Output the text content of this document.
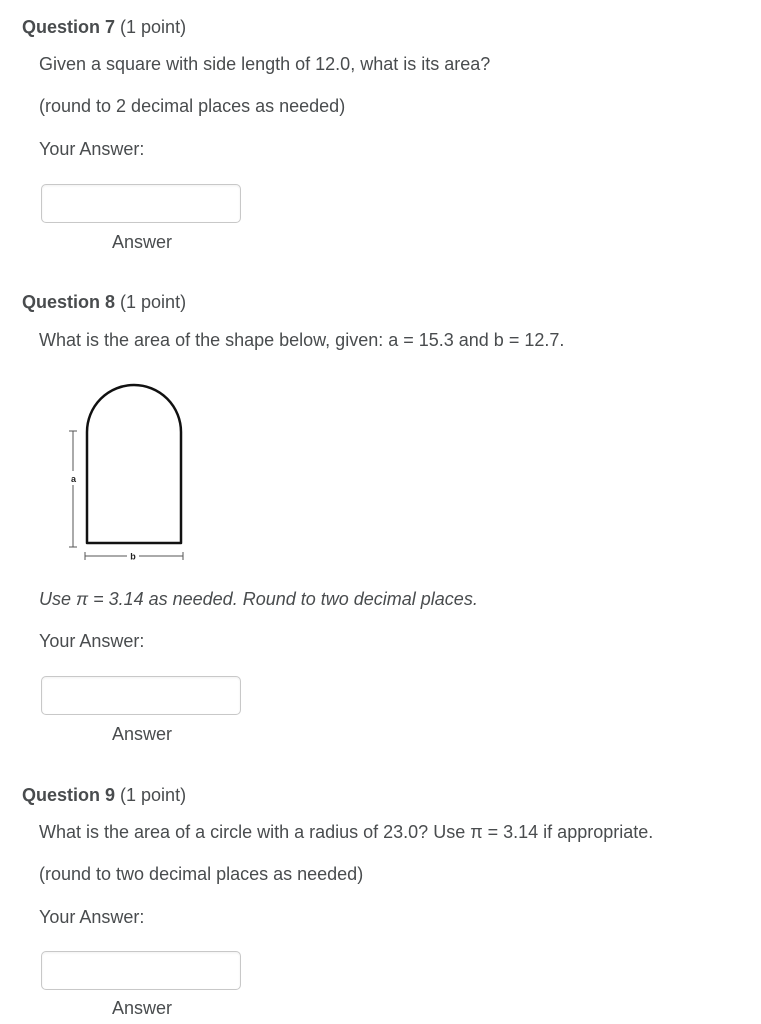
Question 7 (1 point)
Given a square with side length of 12.0, what is its area?
(round to 2 decimal places as needed)
Your Answer:
Answer
Question 8 (1 point)
What is the area of the shape below, given: a = 15.3 and b = 12.7.
a
b
Use π = 3.14 as needed. Round to two decimal places.
Your Answer:
Answer
Question 9 (1 point)
What is the area of a circle with a radius of 23.0? Use π = 3.14 if appropriate.
(round to two decimal places as needed)
Your Answer:
Answer
